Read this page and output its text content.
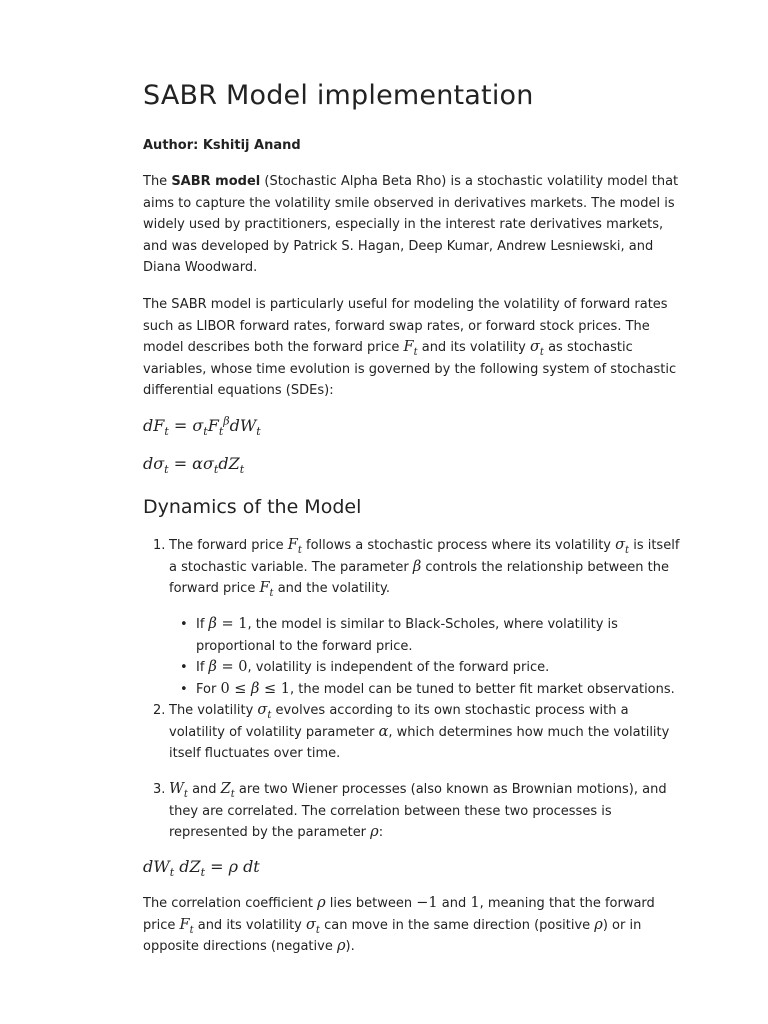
SABR Model implementation

Author: Kshitij Anand

The SABR model (Stochastic Alpha Beta Rho) is a stochastic volatility model that aims to capture the volatility smile observed in derivatives markets. The model is widely used by practitioners, especially in the interest rate derivatives markets, and was developed by Patrick S. Hagan, Deep Kumar, Andrew Lesniewski, and Diana Woodward.

The SABR model is particularly useful for modeling the volatility of forward rates such as LIBOR forward rates, forward swap rates, or forward stock prices. The model describes both the forward price $F_t$ and its volatility $\sigma_t$ as stochastic variables, whose time evolution is governed by the following system of stochastic differential equations (SDEs):

$dF_t = \sigma_tF_t^\beta dW_t$
$d\sigma_t = \alpha\sigma_tdZ_t$
Dynamics of the Model
1. The forward price $F_t$ follows a stochastic process where its volatility $\sigma_t$ is itself a stochastic variable. The parameter β controls the relationship between the forward price $F_t$ and the volatility.
• If β = 1, the model is similar to Black-Scholes, where volatility is proportional to the forward price.
• If β = 0, volatility is independent of the forward price.
• For 0 ≤ β ≤ 1, the model can be tuned to better fit market observations.
2. The volatility $\sigma_t$ evolves according to its own stochastic process with a volatility of volatility parameter α, which determines how much the volatility itself fluctuates over time.
3. $W_t$ and $Z_t$ are two Wiener processes (also known as Brownian motions), and they are correlated. The correlation between these two processes is represented by the parameter ρ:
$dW_t$ $dZ_t = \rho$ dt

The correlation coefficient ρ lies between −1 and 1, meaning that the forward price $F_t$ and its volatility $\sigma_t$ can move in the same direction (positive ρ) or in opposite directions (negative ρ).
